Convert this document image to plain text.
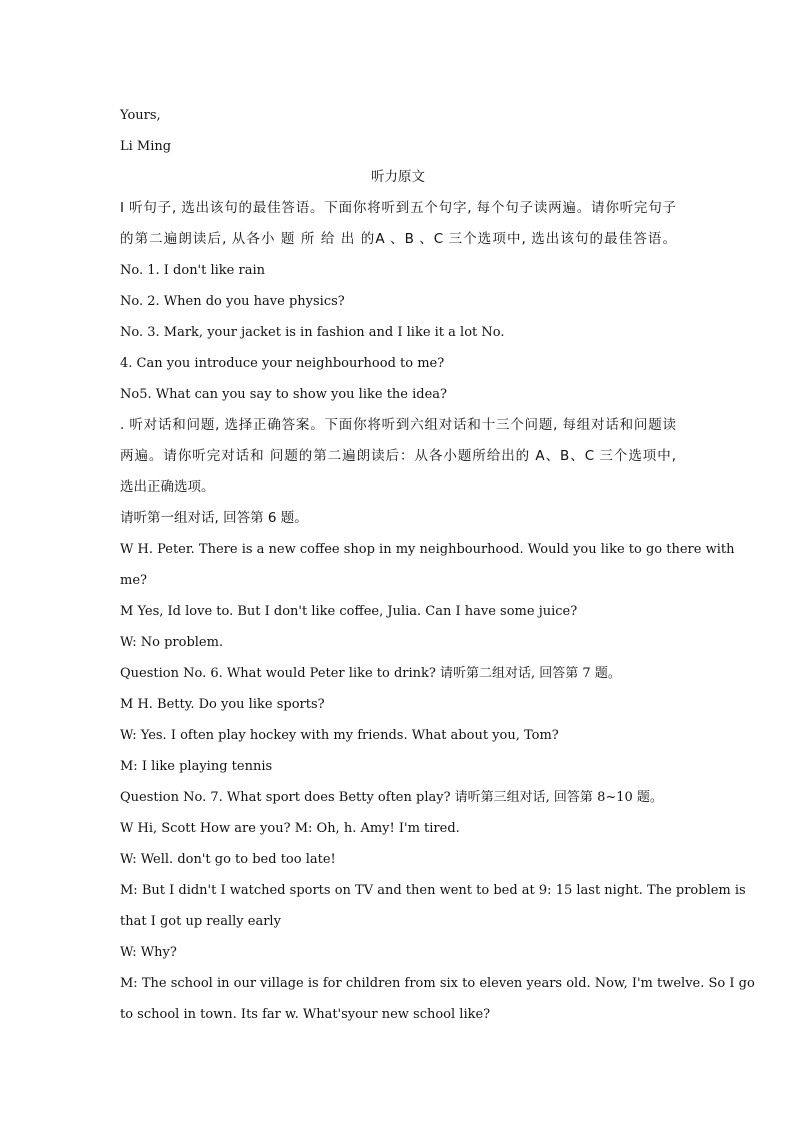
Yours,
Li Ming
听力原文
I 听句子, 选出该句的最佳答语。下面你将听到五个句字, 每个句子读两遍。请你听完句子
的第二遍朗读后, 从各小 题 所 给 出 的A 、B 、C 三个选项中, 选出该句的最佳答语。
No. 1. I don't like rain
No. 2. When do you have physics?
No. 3. Mark, your jacket is in fashion and I like it a lot No.
4. Can you introduce your neighbourhood to me?
No5. What can you say to show you like the idea?
. 听对话和问题, 选择正确答案。下面你将听到六组对话和十三个问题, 每组对话和问题读
两遍。请你听完对话和 问题的第二遍朗读后：从各小题所给出的 A、B、C 三个选项中,
选出正确选项。
请听第一组对话, 回答第 6 题。
W H. Peter. There is a new coffee shop in my neighbourhood. Would you like to go there with
me?
M Yes, Id love to. But I don't like coffee, Julia. Can I have some juice?
W: No problem.
Question No. 6. What would Peter like to drink? 请听第二组对话, 回答第 7 题。
M H. Betty. Do you like sports?
W: Yes. I often play hockey with my friends. What about you, Tom?
M: I like playing tennis
Question No. 7. What sport does Betty often play? 请听第三组对话, 回答第 8~10 题。
W Hi, Scott How are you? M: Oh, h. Amy! I'm tired.
W: Well. don't go to bed too late!
M: But I didn't I watched sports on TV and then went to bed at 9: 15 last night. The problem is
that I got up really early
W: Why?
M: The school in our village is for children from six to eleven years old. Now, I'm twelve. So I go
to school in town. Its far w. What'syour new school like?
